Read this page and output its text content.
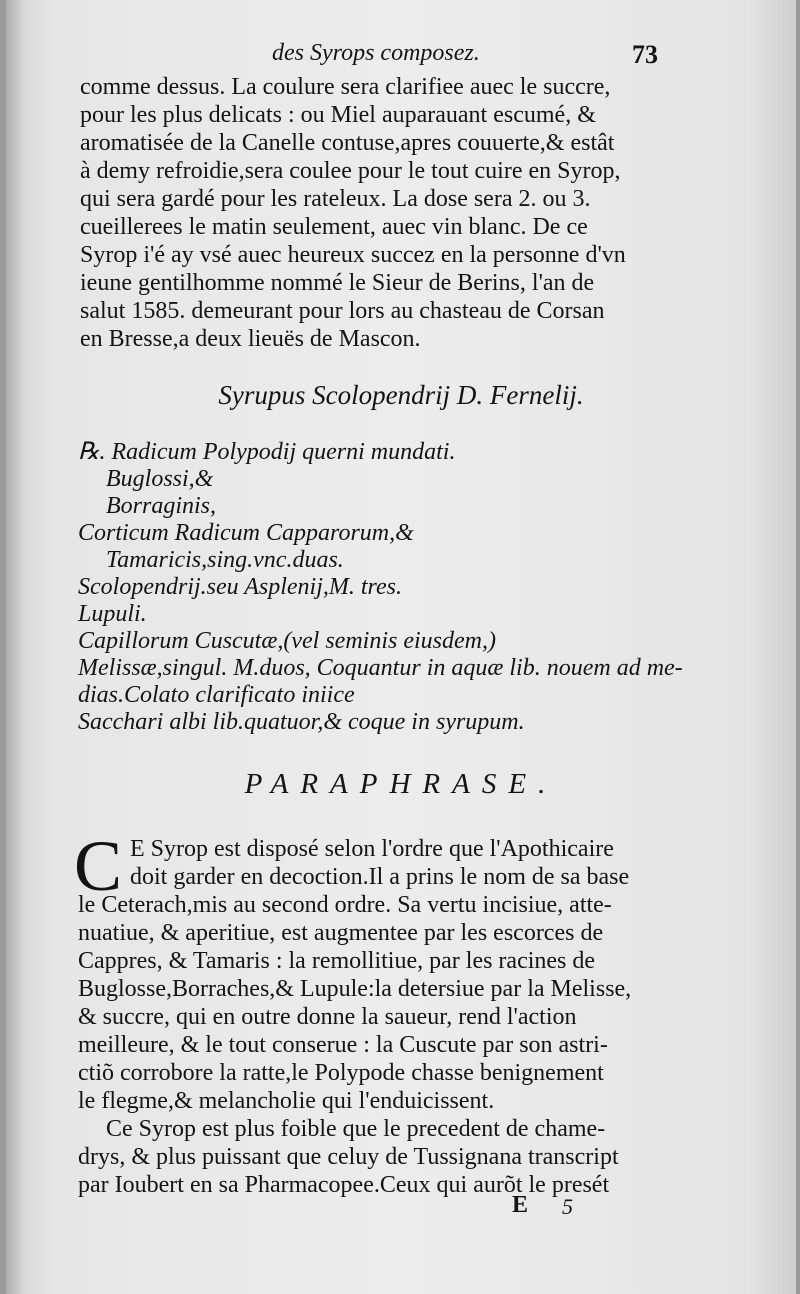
des Syrops composez.	73
comme dessus. La coulure sera clarifiee auec le succre,
pour les plus delicats : ou Miel auparauant escumé, &
aromatisée de la Canelle contuse,apres couuerte,& estât
à demy refroidie,sera coulee pour le tout cuire en Syrop,
qui sera gardé pour les rateleux. La dose sera 2. ou 3.
cueillerees le matin seulement, auec vin blanc. De ce
Syrop i'é ay vsé auec heureux succez en la personne d'vn
ieune gentilhomme nommé le Sieur de Berins, l'an de
salut 1585. demeurant pour lors au chasteau de Corsan
en Bresse,a deux lieuës de Mascon.
Syrupus Scolopendrij D. Fernelij.
℞. Radicum Polypodij querni mundati.
Buglossi,&
Borraginis,
Corticum Radicum Capparorum,&
Tamaricis,sing.vnc.duas.
Scolopendrij.seu Asplenij,M. tres.
Lupuli.
Capillorum Cuscutæ,(vel seminis eiusdem,)
Melissæ,singul. M.duos, Coquantur in aquæ lib. nouem ad me-
dias.Colato clarificato iniice
Sacchari albi lib.quatuor,& coque in syrupum.
PARAPHRASE.
C E Syrop est disposé selon l'ordre que l'Apothicaire
doit garder en decoction.Il a prins le nom de sa base
le Ceterach,mis au second ordre. Sa vertu incisiue, atte-
nuatiue, & aperitiue, est augmentee par les escorces de
Cappres, & Tamaris : la remollitiue, par les racines de
Buglosse,Borraches,& Lupule:la detersiue par la Melisse,
& succre, qui en outre donne la saueur, rend l'action
meilleure, & le tout conserue : la Cuscute par son astri-
ctiõ corrobore la ratte,le Polypode chasse benignement
le flegme,& melancholie qui l'enduicissent.
Ce Syrop est plus foible que le precedent de chame-
drys, & plus puissant que celuy de Tussignana transcript
par Ioubert en sa Pharmacopee.Ceux qui aurõt le presét
E 5
